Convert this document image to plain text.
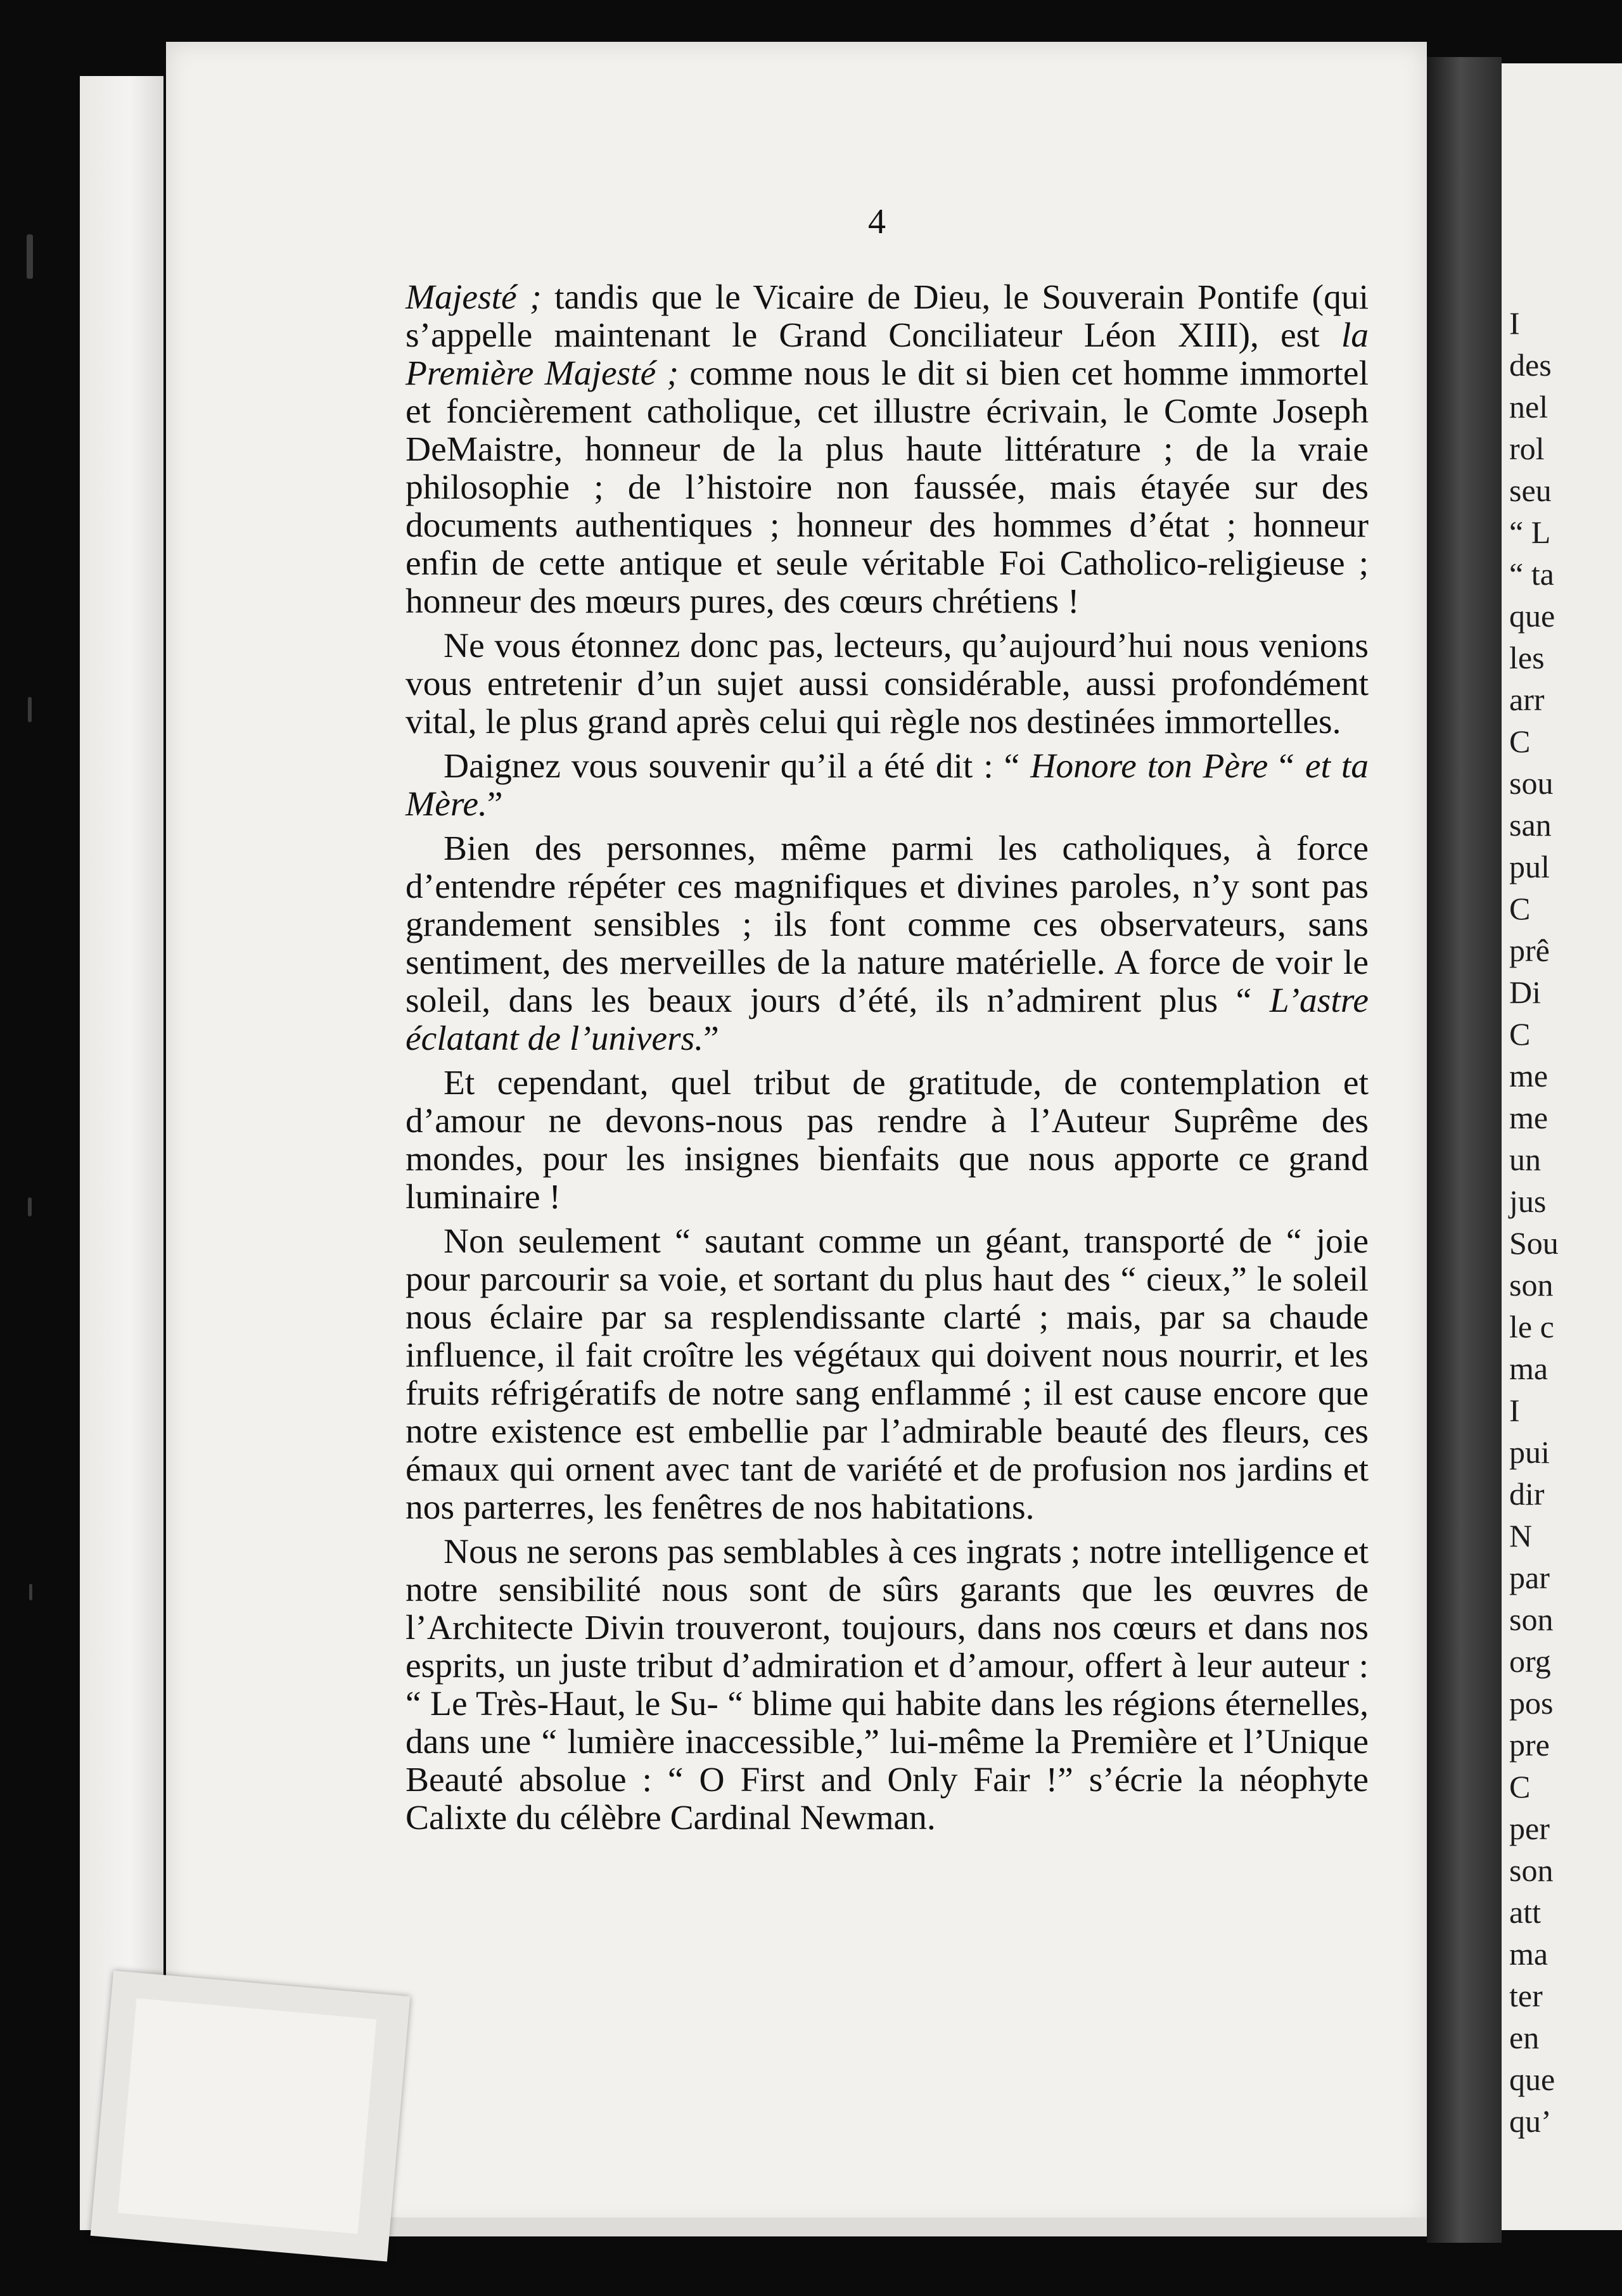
I
des
nel
rol
seu
“ L
“ ta
que
les
arr
C
sou
san
pul
C
prê
Di
C
me
me
un
jus
Sou
son
le c
ma
I
pui
dir
N
par
son
org
pos
pre
C
per
son
att
ma
ter
en
que
qu’
4

Majesté ; tandis que le Vicaire de Dieu, le Souverain Pontife (qui s’appelle maintenant le Grand Conciliateur Léon XIII), est la Première Majesté ; comme nous le dit si bien cet homme immortel et foncièrement catholique, cet illustre écrivain, le Comte Joseph DeMaistre, honneur de la plus haute littérature ; de la vraie philosophie ; de l’histoire non faussée, mais étayée sur des documents authentiques ; honneur des hommes d’état ; honneur enfin de cette antique et seule véritable Foi Catholico-religieuse ; honneur des mœurs pures, des cœurs chrétiens !

Ne vous étonnez donc pas, lecteurs, qu’aujourd’hui nous venions vous entretenir d’un sujet aussi considérable, aussi profondément vital, le plus grand après celui qui règle nos destinées immortelles.

Daignez vous souvenir qu’il a été dit : “ Honore ton Père “ et ta Mère.”

Bien des personnes, même parmi les catholiques, à force d’entendre répéter ces magnifiques et divines paroles, n’y sont pas grandement sensibles ; ils font comme ces observateurs, sans sentiment, des merveilles de la nature matérielle. A force de voir le soleil, dans les beaux jours d’été, ils n’admirent plus “ L’astre éclatant de l’univers.”

Et cependant, quel tribut de gratitude, de contemplation et d’amour ne devons-nous pas rendre à l’Auteur Suprême des mondes, pour les insignes bienfaits que nous apporte ce grand luminaire !

Non seulement “ sautant comme un géant, transporté de “ joie pour parcourir sa voie, et sortant du plus haut des “ cieux,” le soleil nous éclaire par sa resplendissante clarté ; mais, par sa chaude influence, il fait croître les végétaux qui doivent nous nourrir, et les fruits réfrigératifs de notre sang enflammé ; il est cause encore que notre existence est embellie par l’admirable beauté des fleurs, ces émaux qui ornent avec tant de variété et de profusion nos jardins et nos parterres, les fenêtres de nos habitations.

Nous ne serons pas semblables à ces ingrats ; notre intelligence et notre sensibilité nous sont de sûrs garants que les œuvres de l’Architecte Divin trouveront, toujours, dans nos cœurs et dans nos esprits, un juste tribut d’admiration et d’amour, offert à leur auteur : “ Le Très-Haut, le Su- “ blime qui habite dans les régions éternelles, dans une “ lumière inaccessible,” lui-même la Première et l’Unique Beauté absolue : “ O First and Only Fair !” s’écrie la néophyte Calixte du célèbre Cardinal Newman.
